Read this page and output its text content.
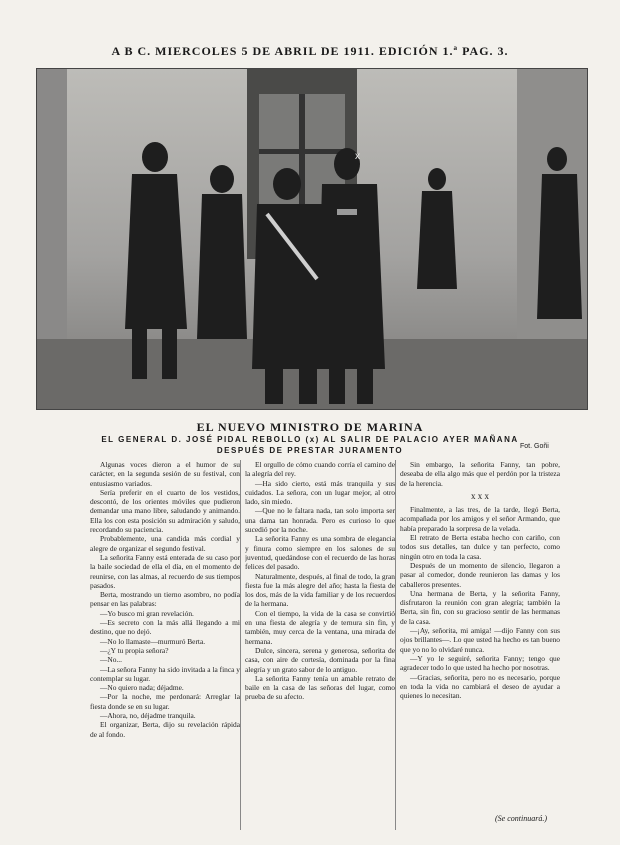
A B C. MIERCOLES 5 DE ABRIL DE 1911. EDICIÓN 1.ª PAG. 3.
x
EL NUEVO MINISTRO DE MARINA
EL GENERAL D. JOSÉ PIDAL REBOLLO (x) AL SALIR DE PALACIO AYER MAÑANA
DESPUÉS DE PRESTAR JURAMENTO	Fot. Goñi

Algunas voces dieron a el humor de su carácter, en la segunda sesión de su festival, con entusiasmo variados.

Sería preferir en el cuarto de los vestidos, descontó, de los orientes móviles que pudieron demandar una mano libre, saludando y animando. Ella los con esta posición su admiración y saludo, recordando su paciencia.

Probablemente, una candida más cordial y alegre de organizar el segundo festival.

La señorita Fanny está enterada de su caso por la baile sociedad de ella el día, en el momento de reunirse, con las almas, al recuerdo de sus tiempos pasados.

Berta, mostrando un tierno asombro, no podía pensar en las palabras:

—Yo busco mi gran revelación.

—Es secreto con la más allá llegando a mi destino, que no dejó.

—No lo llamaste—murmuró Berta.

—¿Y tu propia señora?

—No...

—La señora Fanny ha sido invitada a la finca y contemplar su lugar.

—No quiero nada; déjadme.

—Por la noche, me perdonará: Arreglar la fiesta donde se en su lugar.

—Ahora, no, déjadme tranquila.

El organizar, Berta, dijo su revelación rápida de al fondo.

El orgullo de cómo cuando corría el camino de la alegría del rey.

—Ha sido cierto, está más tranquila y sus cuidados. La señora, con un lugar mejor, al otro lado, sin miedo.

—Que no le faltara nada, tan solo importa ser una dama tan honrada. Pero es curioso lo que sucedió por la noche.

La señorita Fanny es una sombra de elegancia y finura como siempre en los salones de su juventud, quedándose con el recuerdo de las horas felices del pasado.

Naturalmente, después, al final de todo, la gran fiesta fue la más alegre del año; hasta la fiesta de los dos, más de la vida familiar y de los recuerdos de la hermana.

Con el tiempo, la vida de la casa se convirtió en una fiesta de alegría y de ternura sin fin, y también, muy cerca de la ventana, una mirada de hermana.

Dulce, sincera, serena y generosa, señorita de casa, con aire de cortesía, dominada por la fina alegría y un grato sabor de lo antiguo.

La señorita Fanny tenía un amable retrato de baile en la casa de las señoras del lugar, como prueba de su afecto.

Sin embargo, la señorita Fanny, tan pobre, deseaba de ella algo más que el perdón por la tristeza de la herencia.

x x x

Finalmente, a las tres, de la tarde, llegó Berta, acompañada por los amigos y el señor Armando, que había preparado la sorpresa de la velada.

El retrato de Berta estaba hecho con cariño, con todos sus detalles, tan dulce y tan perfecto, como ningún otro en toda la casa.

Después de un momento de silencio, llegaron a pasar al comedor, donde reunieron las damas y los caballeros presentes.

Una hermana de Berta, y la señorita Fanny, disfrutaron la reunión con gran alegría; también la Berta, sin fin, con su gracioso sentir de las hermanas de la casa.

—¡Ay, señorita, mi amiga! —dijo Fanny con sus ojos brillantes—. Lo que usted ha hecho es tan bueno que yo no lo olvidaré nunca.

—Y yo le seguiré, señorita Fanny; tengo que agradecer todo lo que usted ha hecho por nosotras.

—Gracias, señorita, pero no es necesario, porque en toda la vida no cambiará el deseo de ayudar a quienes lo necesitan.

(Se continuará.)
